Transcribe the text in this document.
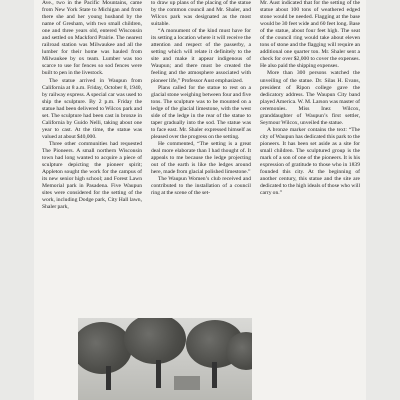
Ave., two in the Pacific Mountains, came from New York State to Michigan and from there she and her young husband by the name of Gresham, with two small children, one and three years old, entered Wisconsin and settled on Mackford Prairie. The nearest railroad station was Milwaukee and all the lumber for their home was hauled from Milwaukee by ox team. Lumber was too scarce to use for fences so sod fences were built to pen in the livestock.

The statue arrived in Waupun from California at 8 a.m. Friday, October 8, 1940, by railway express. A special car was used to ship the sculpture. By 2 p.m. Friday the statue had been delivered to Wilcox park and set. The sculpture had been cast in bronze in California by Guido Nelli, taking about one year to cast. At the time, the statue was valued at about $40,000.

Three other communities had requested The Pioneers. A small northern Wisconsin town had long wanted to acquire a piece of sculpture depicting the pioneer spirit; Appleton sought the work for the campus of its new senior high school; and Forest Lawn Memorial park in Pasadena. Five Waupun sites were considered for the setting of the work, including Dodge park, City Hall lawn, Shaler park,

to draw up plans of the placing of the statue by the common council and Mr. Shaler, and Wilcox park was designated as the most suitable.

“A monument of the kind must have for its setting a location where it will receive the attention and respect of the passerby, a setting which will relate it definitely to the site and make it appear indigenous of Waupun; and there must be created the feeling and the atmosphere associated with pioneer life,” Professor Aust emphasized.

Plans called for the statue to rest on a glacial stone weighing between four and five tons. The sculpture was to be mounted on a ledge of the glacial limestone, with the west side of the ledge in the rear of the statue to taper gradually into the sod. The statue was to face east. Mr. Shaler expressed himself as pleased over the progress on the setting.

He commented, “The setting is a great deal more elaborate than I had thought of. It appeals to me because the ledge projecting out of the earth is like the ledges around here, made from glacial polished limestone.”

The Waupun Women’s club received and contributed to the installation of a council ring at the scene of the set-

Mr. Aust indicated that for the setting of the statue about 100 tons of weathered edged stone would be needed. Flagging at the base would be 30 feet wide and 60 feet long. Base of the statue, about four feet high. The seat of the council ring would take about eleven tons of stone and the flagging will require an additional one quarter ton. Mr. Shaler sent a check for over $2,000 to cover the expenses. He also paid the shipping expenses.

More than 300 persons watched the unveiling of the statue. Dr. Silas H. Evans, president of Ripon college gave the dedicatory address. The Waupun City band played America. W. M. Larson was master of ceremonies. Miss Inez Wilcox, granddaughter of Waupun’s first settler, Seymour Wilcox, unveiled the statue.

A bronze marker contains the text: “The city of Waupun has dedicated this park to the pioneers. It has been set aside as a site for small children. The sculptured group is the mark of a son of one of the pioneers. It is his expression of gratitude to those who in 1839 founded this city. At the beginning of another century, this statue and the site are dedicated to the high ideals of those who will carry on.”
